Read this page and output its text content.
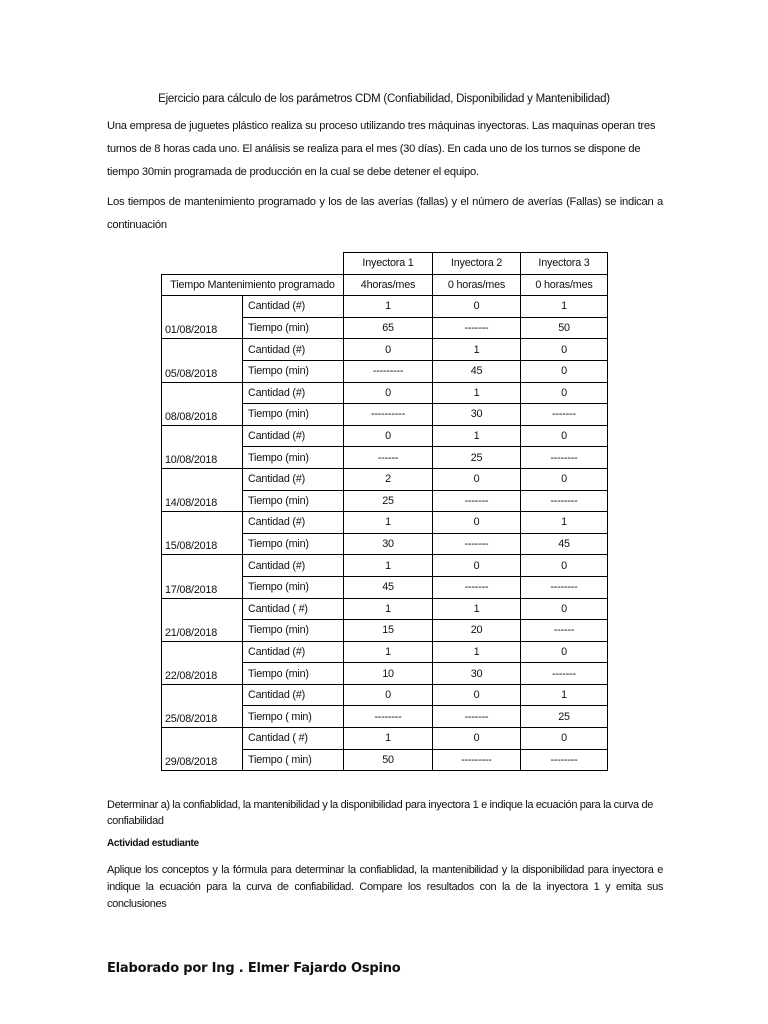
Ejercicio para cálculo de los parámetros CDM (Confiabilidad, Disponibilidad y Mantenibilidad)
Una empresa de juguetes plástico realiza su proceso utilizando tres máquinas inyectoras. Las maquinas operan tres turnos de 8 horas cada uno. El análisis se realiza para el mes (30 días). En cada uno de los turnos se dispone de tiempo 30min programada de producción en la cual se debe detener el equipo.
Los tiempos de mantenimiento programado y los de las averías (fallas) y el número de averías (Fallas) se indican a continuación
		Inyectora 1	Inyectora 2	Inyectora 3
Tiempo Mantenimiento programado		4horas/mes	0 horas/mes	0 horas/mes
01/08/2018	Cantidad (#)	1	0	1
	Tiempo (min)	65	-------	50
05/08/2018	Cantidad (#)	0	1	0
	Tiempo (min)	---------	45	0
08/08/2018	Cantidad (#)	0	1	0
	Tiempo (min)	----------	30	-------
10/08/2018	Cantidad (#)	0	1	0
	Tiempo (min)	------	25	--------
14/08/2018	Cantidad (#)	2	0	0
	Tiempo (min)	25	-------	--------
15/08/2018	Cantidad (#)	1	0	1
	Tiempo (min)	30	-------	45
17/08/2018	Cantidad (#)	1	0	0
	Tiempo (min)	45	-------	--------
21/08/2018	Cantidad ( #)	1	1	0
	Tiempo (min)	15	20	------
22/08/2018	Cantidad (#)	1	1	0
	Tiempo (min)	10	30	-------
25/08/2018	Cantidad (#)	0	0	1
	Tiempo ( min)	--------	-------	25
29/08/2018	Cantidad ( #)	1	0	0
	Tiempo ( min)	50	---------	--------
Determinar a) la confiablidad, la mantenibilidad y la disponibilidad para inyectora 1 e indique la ecuación para la curva de confiabilidad
Actividad estudiante
Aplique los conceptos y la fórmula para determinar la confiablidad, la mantenibilidad y la disponibilidad para inyectora e indique la ecuación para la curva de confiabilidad. Compare los resultados con la de la inyectora 1 y emita sus conclusiones
Elaborado por Ing . Elmer Fajardo Ospino
